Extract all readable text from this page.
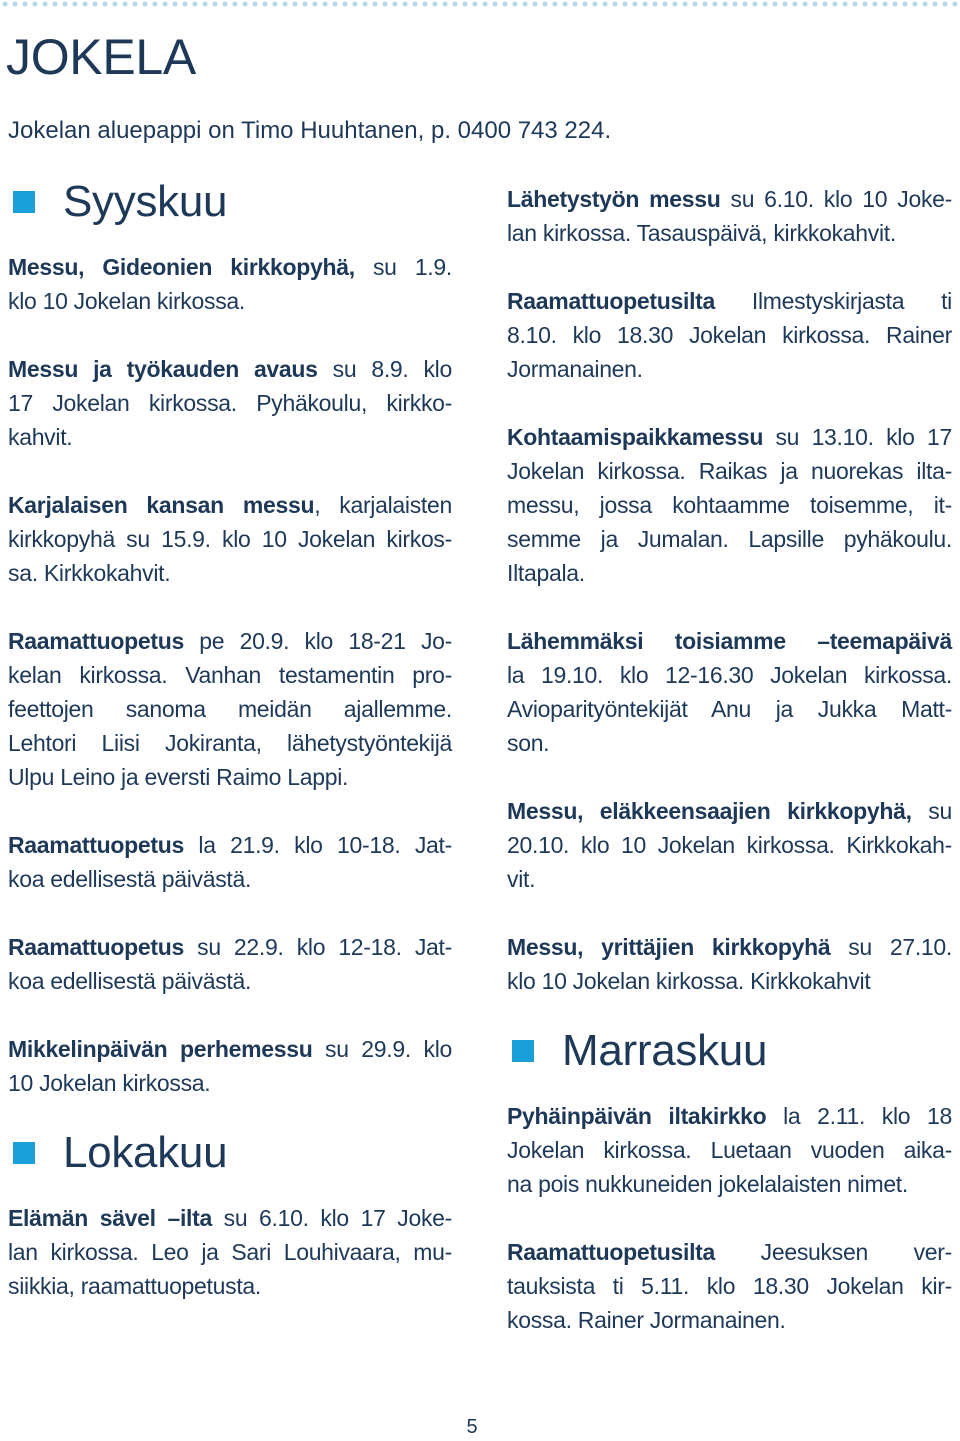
JOKELA

Jokelan aluepappi on Timo Huuhtanen, p. 0400 743 224.

Syyskuu
Messu, Gideonien kirkkopyhä, su 1.9.
klo 10 Jokelan kirkossa.
Messu ja työkauden avaus su 8.9. klo
17 Jokelan kirkossa. Pyhäkoulu, kirkko-
kahvit.
Karjalaisen kansan messu, karjalaisten
kirkkopyhä su 15.9. klo 10 Jokelan kirkos-
sa. Kirkkokahvit.
Raamattuopetus pe 20.9. klo 18-21 Jo-
kelan kirkossa. Vanhan testamentin pro-
feettojen sanoma meidän ajallemme.
Lehtori Liisi Jokiranta, lähetystyöntekijä
Ulpu Leino ja eversti Raimo Lappi.
Raamattuopetus la 21.9. klo 10-18. Jat-
koa edellisestä päivästä.
Raamattuopetus su 22.9. klo 12-18. Jat-
koa edellisestä päivästä.
Mikkelinpäivän perhemessu su 29.9. klo
10 Jokelan kirkossa.
Lokakuu
Elämän sävel –ilta su 6.10. klo 17 Joke-
lan kirkossa. Leo ja Sari Louhivaara, mu-
siikkia, raamattuopetusta.
Lähetystyön messu su 6.10. klo 10 Joke-
lan kirkossa. Tasauspäivä, kirkkokahvit.
Raamattuopetusilta Ilmestyskirjasta ti
8.10. klo 18.30 Jokelan kirkossa. Rainer
Jormanainen.
Kohtaamispaikkamessu su 13.10. klo 17
Jokelan kirkossa. Raikas ja nuorekas ilta-
messu, jossa kohtaamme toisemme, it-
semme ja Jumalan. Lapsille pyhäkoulu.
Iltapala.
Lähemmäksi toisiamme –teemapäivä
la 19.10. klo 12-16.30 Jokelan kirkossa.
Avioparityöntekijät Anu ja Jukka Matt-
son.
Messu, eläkkeensaajien kirkkopyhä, su
20.10. klo 10 Jokelan kirkossa. Kirkkokah-
vit.
Messu, yrittäjien kirkkopyhä su 27.10.
klo 10 Jokelan kirkossa. Kirkkokahvit
Marraskuu
Pyhäinpäivän iltakirkko la 2.11. klo 18
Jokelan kirkossa. Luetaan vuoden aika-
na pois nukkuneiden jokelalaisten nimet.
Raamattuopetusilta Jeesuksen ver-
tauksista ti 5.11. klo 18.30 Jokelan kir-
kossa. Rainer Jormanainen.
5
